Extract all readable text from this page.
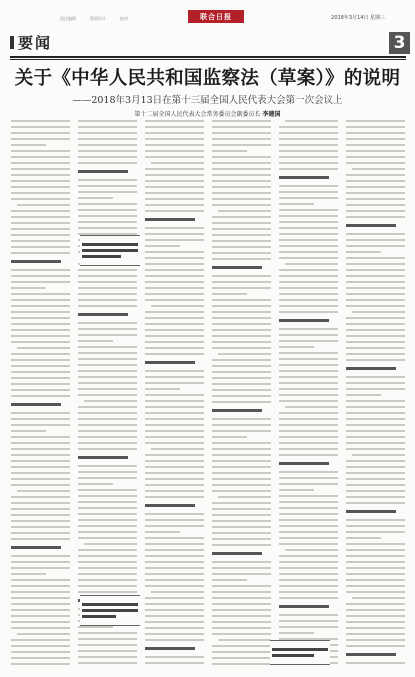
要闻
责任编辑	版面设计	校对	联合日报	2018年3月14日 星期三
3
关于《中华人民共和国监察法（草案）》的说明
——2018年3月13日在第十三届全国人民代表大会第一次会议上
第十二届全国人民代表大会常务委员会副委员长 李建国
